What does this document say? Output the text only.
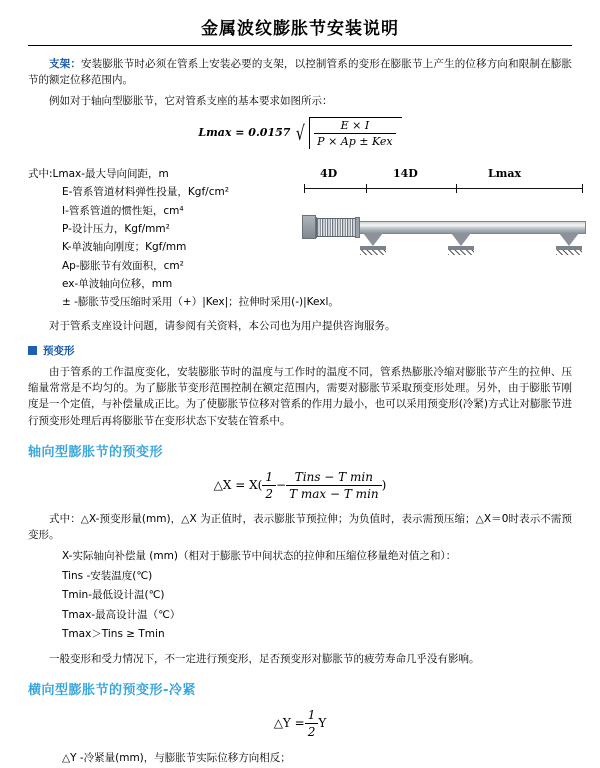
金属波纹膨胀节安装说明

支架：安装膨胀节时必须在管系上安装必要的支架，以控制管系的变形在膨胀节上产生的位移方向和限制在膨胀节的额定位移范围内。

例如对于轴向型膨胀节，它对管系支座的基本要求如图所示：

Lmax = 0.0157 √ $\frac{E \times I}{\text{P × Ap ± Kex}}$

式中:Lmax-最大导向间距，m

E-管系管道材料弹性投量，Kgf/cm²

I-管系管道的惯性矩，cm⁴

P-设计压力，Kgf/mm²

K-单波轴向刚度；Kgf/mm

Ap-膨胀节有效面积，cm²

ex-单波轴向位移，mm

4D	14D	Lmax

± -膨胀节受压缩时采用（+）|Kex|；拉伸时采用(-)|Kexl。

对于管系支座设计问题，请参阅有关资料，本公司也为用户提供咨询服务。

预变形

由于管系的工作温度变化，安装膨胀节时的温度与工作时的温度不同，管系热膨胀冷缩对膨胀节产生的拉伸、压缩量常常是不均匀的。为了膨胀节变形范围控制在额定范围内，需要对膨胀节采取预变形处理。另外，由于膨胀节刚度是一个定值，与补偿量成正比。为了使膨胀节位移对管系的作用力最小，也可以采用预变形(冷紧)方式让对膨胀节进行预变形处理后再将膨胀节在变形状态下安装在管系中。

轴向型膨胀节的预变形
△X = $X( \frac{1}{2} - \frac{\text{Tins − T min}}{\text{T max − T min}}$ )

式中：△X-预变形量(mm)，△X 为正值时，表示膨胀节预拉伸；为负值时，表示需预压缩；△X＝0时表示不需预变形。

X-实际轴向补偿量 (mm)（相对于膨胀节中间状态的拉伸和压缩位移量绝对值之和）：

Tins -安装温度(℃)

Tmin-最低设计温(℃)

Tmax-最高设计温（℃）

Tmax＞Tins ≥ Tmin

一般变形和受力情况下，不一定进行预变形，足否预变形对膨胀节的疲劳寿命几乎没有影响。

横向型膨胀节的预变形-冷紧
△Y = $\frac{1}{2}$ Y

△Y -冷紧量(mm)，与膨胀节实际位移方向相反；
